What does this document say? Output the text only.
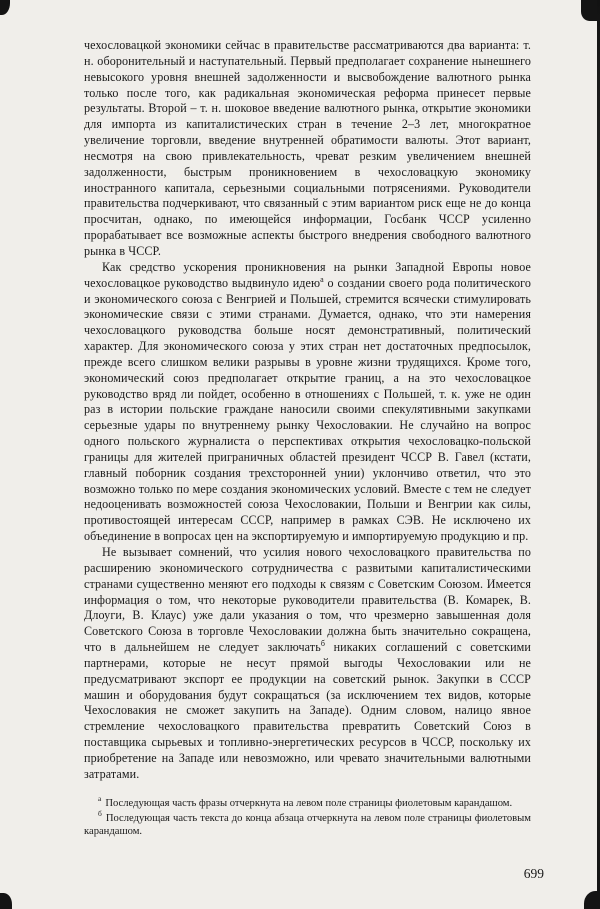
чехословацкой экономики сейчас в правительстве рассматриваются два варианта: т. н. оборонительный и наступательный. Первый предполагает сохранение нынешнего невысокого уровня внешней задолженности и высвобождение валютного рынка только после того, как радикальная экономическая реформа принесет первые результаты. Второй – т. н. шоковое введение валютного рынка, открытие экономики для импорта из капиталистических стран в течение 2–3 лет, многократное увеличение торговли, введение внутренней обратимости валюты. Этот вариант, несмотря на свою привлекательность, чреват резким увеличением внешней задолженности, быстрым проникновением в чехословацкую экономику иностранного капитала, серьезными социальными потрясениями. Руководители правительства подчеркивают, что связанный с этим вариантом риск еще не до конца просчитан, однако, по имеющейся информации, Госбанк ЧССР усиленно прорабатывает все возможные аспекты быстрого внедрения свободного валютного рынка в ЧССР.

Как средство ускорения проникновения на рынки Западной Европы новое чехословацкое руководство выдвинуло идею$^а$ о создании своего рода политического и экономического союза с Венгрией и Польшей, стремится всячески стимулировать экономические связи с этими странами. Думается, однако, что эти намерения чехословацкого руководства больше носят демонстративный, политический характер. Для экономического союза у этих стран нет достаточных предпосылок, прежде всего слишком велики разрывы в уровне жизни трудящихся. Кроме того, экономический союз предполагает открытие границ, а на это чехословацкое руководство вряд ли пойдет, особенно в отношениях с Польшей, т. к. уже не один раз в истории польские граждане наносили своими спекулятивными закупками серьезные удары по внутреннему рынку Чехословакии. Не случайно на вопрос одного польского журналиста о перспективах открытия чехословацко-польской границы для жителей приграничных областей президент ЧССР В. Гавел (кстати, главный поборник создания трехсторонней унии) уклончиво ответил, что это возможно только по мере создания экономических условий. Вместе с тем не следует недооценивать возможностей союза Чехословакии, Польши и Венгрии как силы, противостоящей интересам СССР, например в рамках СЭВ. Не исключено их объединение в вопросах цен на экспортируемую и импортируемую продукцию и пр.

Не вызывает сомнений, что усилия нового чехословацкого правительства по расширению экономического сотрудничества с развитыми капиталистическими странами существенно меняют его подходы к связям с Советским Союзом. Имеется информация о том, что некоторые руководители правительства (В. Комарек, В. Длоуги, В. Клаус) уже дали указания о том, что чрезмерно завышенная доля Советского Союза в торговле Чехословакии должна быть значительно сокращена, что в дальнейшем не следует заключать$^б$ никаких соглашений с советскими партнерами, которые не несут прямой выгоды Чехословакии или не предусматривают экспорт ее продукции на советский рынок. Закупки в СССР машин и оборудования будут сокращаться (за исключением тех видов, которые Чехословакия не сможет закупить на Западе). Одним словом, налицо явное стремление чехословацкого правительства превратить Советский Союз в поставщика сырьевых и топливно-энергетических ресурсов в ЧССР, поскольку их приобретение на Западе или невозможно, или чревато значительными валютными затратами.

$^а$ Последующая часть фразы отчеркнута на левом поле страницы фиолетовым карандашом.

$^б$ Последующая часть текста до конца абзаца отчеркнута на левом поле страницы фиолетовым карандашом.

699
